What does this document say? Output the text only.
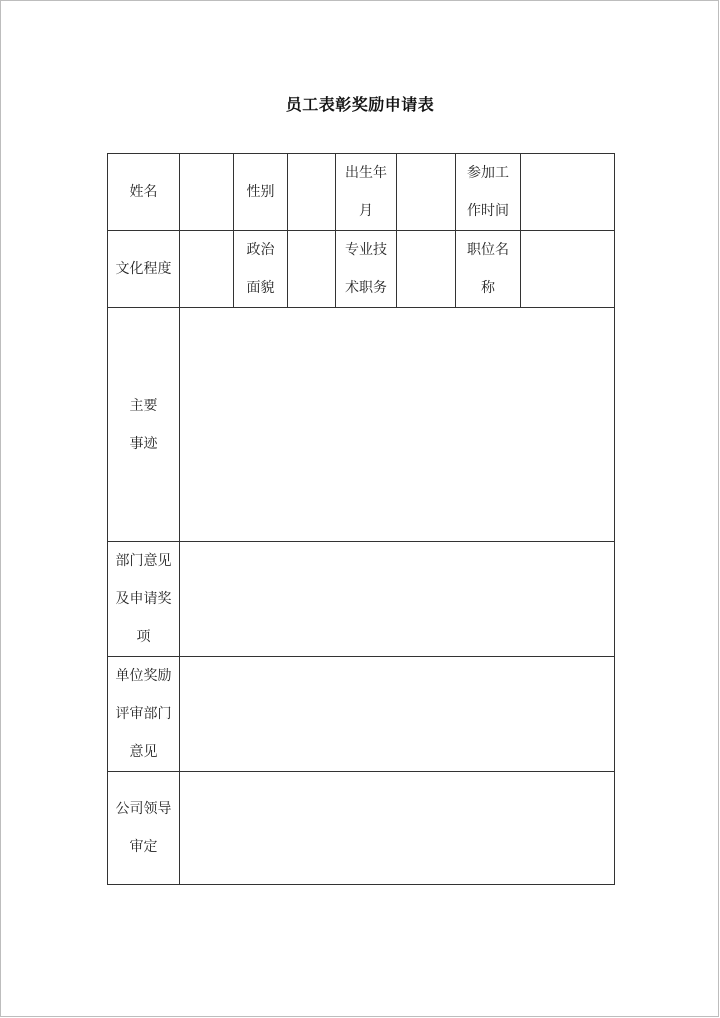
员工表彰奖励申请表
姓名		性别		出生年月		参加工作时间	
文化程度		政治面貌		专业技术职务		职位名称	
主要事迹							
部门意见及申请奖项							
单位奖励评审部门意见							
公司领导审定							
